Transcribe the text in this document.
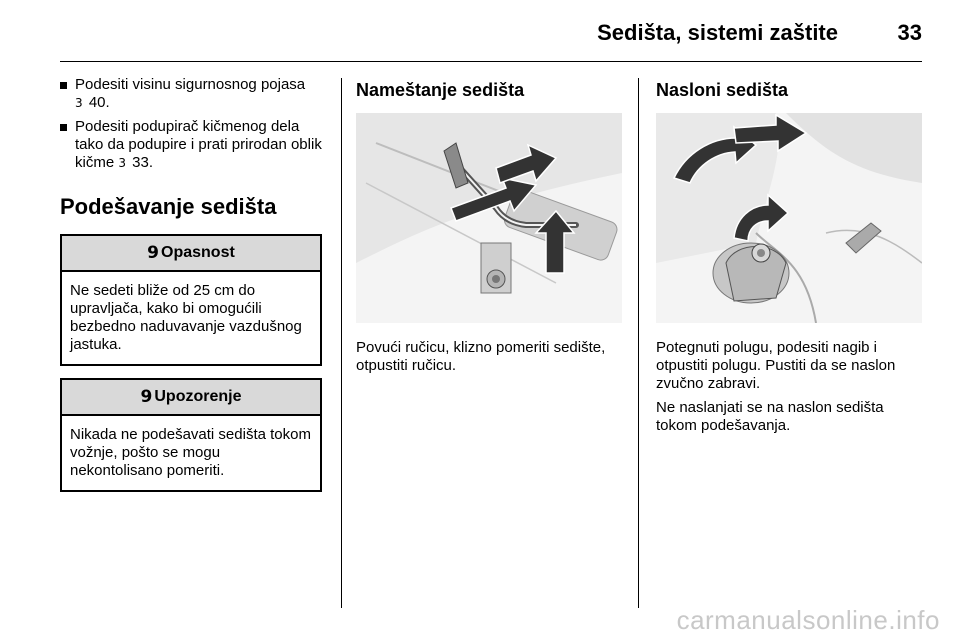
Sedišta, sistemi zaštite	33
Podesiti visinu sigurnosnog pojasa
3 40.
Podesiti podupirač kičmenog dela tako da podupire i prati prirodan oblik kičme 3 33.
Podešavanje sedišta
9 Opasnost
Ne sedeti bliže od 25 cm do upravljača, kako bi omogućili bezbedno naduvavanje vazdušnog jastuka.
9 Upozorenje
Nikada ne podešavati sedišta tokom vožnje, pošto se mogu nekontolisano pomeriti.
Nameštanje sedišta
Povući ručicu, klizno pomeriti sedište, otpustiti ručicu.
Nasloni sedišta

Potegnuti polugu, podesiti nagib i otpustiti polugu. Pustiti da se naslon zvučno zabravi.

Ne naslanjati se na naslon sedišta tokom podešavanja.

carmanualsonline.info
